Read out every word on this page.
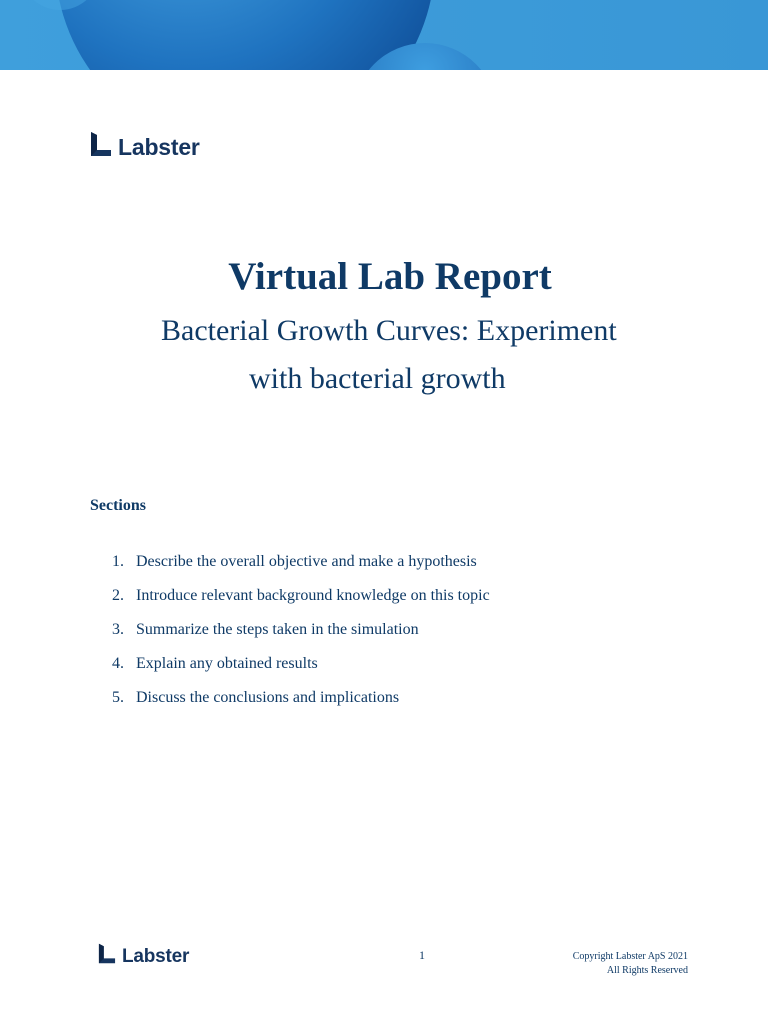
Labster
Virtual Lab Report
Bacterial Growth Curves: Experiment
with bacterial growth
Sections
1. Describe the overall objective and make a hypothesis
2. Introduce relevant background knowledge on this topic
3. Summarize the steps taken in the simulation
4. Explain any obtained results
5. Discuss the conclusions and implications
Labster	1	Copyright Labster ApS 2021
All Rights Reserved
